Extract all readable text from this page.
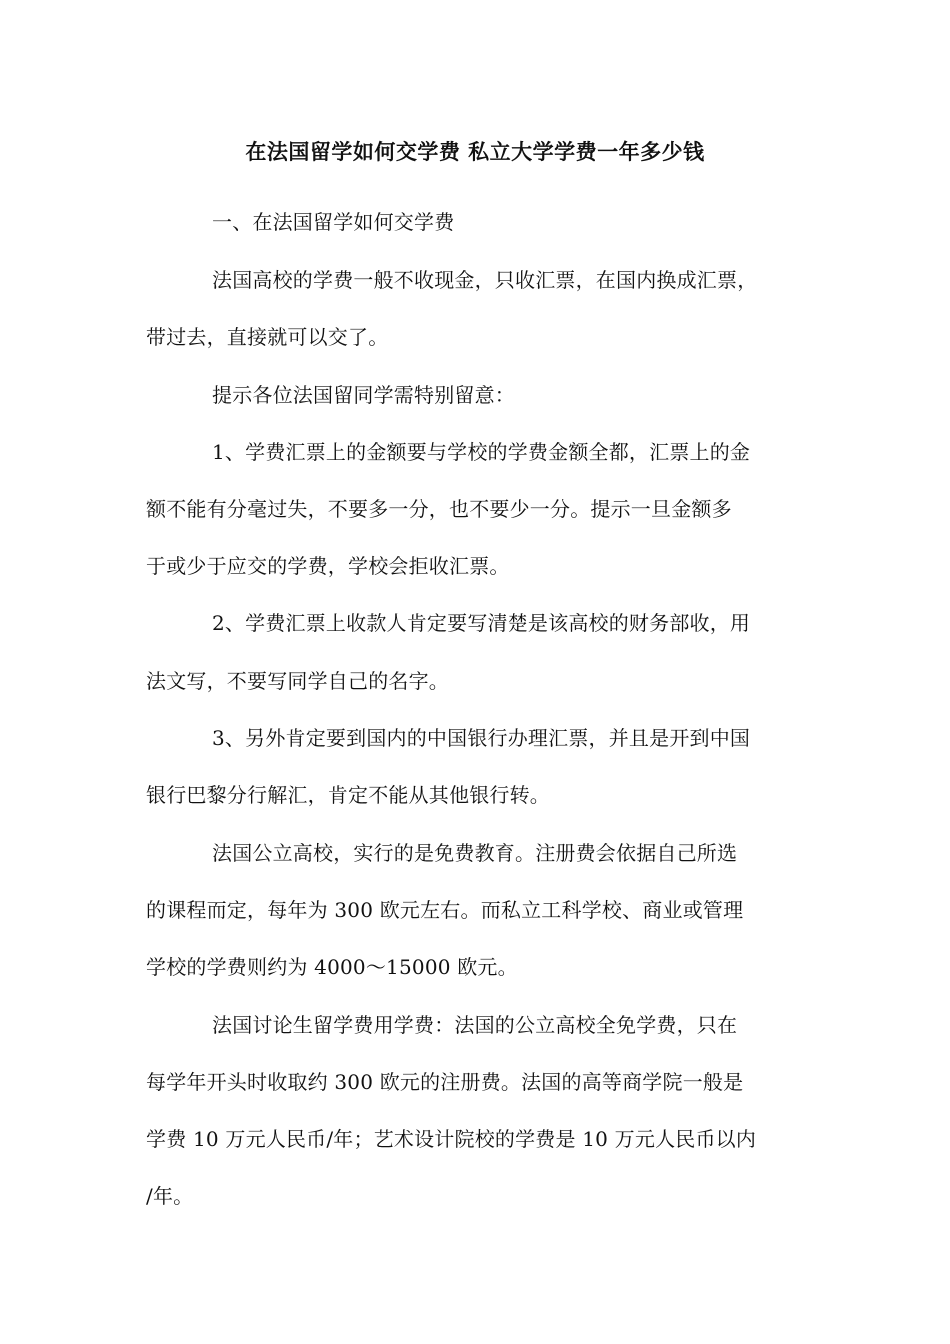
在法国留学如何交学费 私立大学学费一年多少钱
一、在法国留学如何交学费
法国高校的学费一般不收现金，只收汇票，在国内换成汇票，
带过去，直接就可以交了。
提示各位法国留同学需特别留意：
1、学费汇票上的金额要与学校的学费金额全都，汇票上的金
额不能有分毫过失，不要多一分，也不要少一分。提示一旦金额多
于或少于应交的学费，学校会拒收汇票。
2、学费汇票上收款人肯定要写清楚是该高校的财务部收，用
法文写，不要写同学自己的名字。
3、另外肯定要到国内的中国银行办理汇票，并且是开到中国
银行巴黎分行解汇，肯定不能从其他银行转。
法国公立高校，实行的是免费教育。注册费会依据自己所选
的课程而定，每年为 300 欧元左右。而私立工科学校、商业或管理
学校的学费则约为 4000～15000 欧元。
法国讨论生留学费用学费：法国的公立高校全免学费，只在
每学年开头时收取约 300 欧元的注册费。法国的高等商学院一般是
学费 10 万元人民币/年；艺术设计院校的学费是 10 万元人民币以内
/年。
